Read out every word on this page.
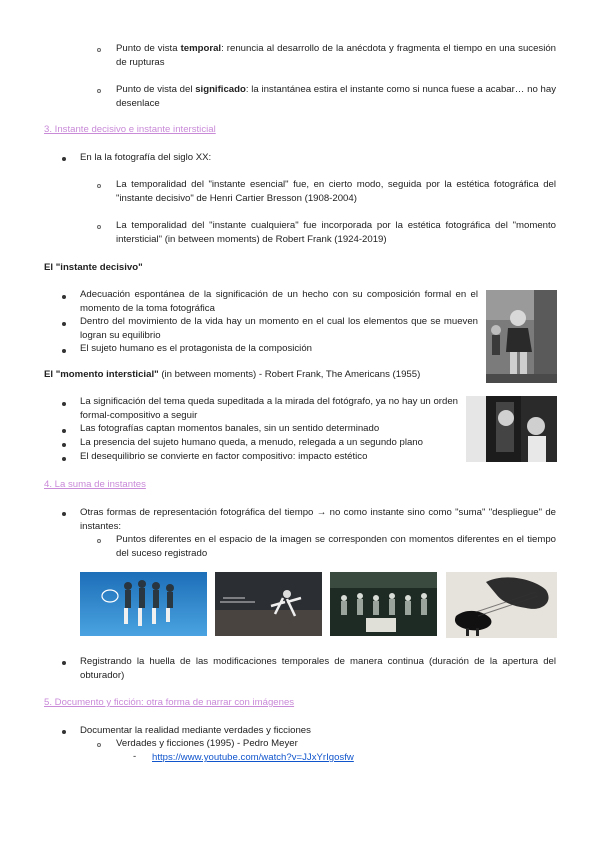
Punto de vista temporal: renuncia al desarrollo de la anécdota y fragmenta el tiempo en una sucesión de rupturas
Punto de vista del significado: la instantánea estira el instante como si nunca fuese a acabar… no hay desenlace
3. Instante decisivo e instante intersticial
En la la fotografía del siglo XX:
La temporalidad del "instante esencial" fue, en cierto modo, seguida por la estética fotográfica del "instante decisivo" de Henri Cartier Bresson (1908-2004)
La temporalidad del "instante cualquiera" fue incorporada por la estética fotográfica del "momento intersticial" (in between moments) de Robert Frank (1924-2019)
El "instante decisivo"
Adecuación espontánea de la significación de un hecho con su composición formal en el momento de la toma fotográfica
Dentro del movimiento de la vida hay un momento en el cual los elementos que se mueven logran su equilibrio
El sujeto humano es el protagonista de la composición
El "momento intersticial" (in between moments) - Robert Frank, The Americans (1955)
La significación del tema queda supeditada a la mirada del fotógrafo, ya no hay un orden formal-compositivo a seguir
Las fotografías captan momentos banales, sin un sentido determinado
La presencia del sujeto humano queda, a menudo, relegada a un segundo plano
El desequilibrio se convierte en factor compositivo: impacto estético
4. La suma de instantes
Otras formas de representación fotográfica del tiempo → no como instante sino como "suma" "despliegue" de instantes:
Puntos diferentes en el espacio de la imagen se corresponden con momentos diferentes en el tiempo del suceso registrado
Registrando la huella de las modificaciones temporales de manera continua (duración de la apertura del obturador)
5. Documento y ficción: otra forma de narrar con imágenes
Documentar la realidad mediante verdades y ficciones
Verdades y ficciones (1995) - Pedro Meyer
- https://www.youtube.com/watch?v=JJxYrIgosfw
